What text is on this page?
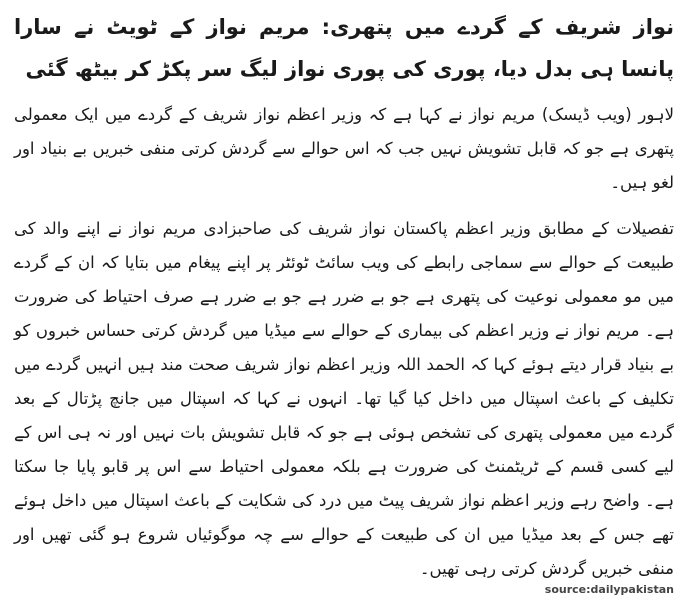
نواز شریف کے گردے میں پتھری: مریم نواز کے ٹویٹ نے سارا پانسا ہی بدل دیا، پوری کی پوری نواز لیگ سر پکڑ کر بیٹھ گئی

لاہور (ویب ڈیسک) مریم نواز نے کہا ہے کہ وزیر اعظم نواز شریف کے گردے میں ایک معمولی پتھری ہے جو کہ قابل تشویش نہیں جب کہ اس حوالے سے گردش کرتی منفی خبریں بے بنیاد اور لغو ہیں۔

تفصیلات کے مطابق وزیر اعظم پاکستان نواز شریف کی صاحبزادی مریم نواز نے اپنے والد کی طبیعت کے حوالے سے سماجی رابطے کی ویب سائٹ ٹوئٹر پر اپنے پیغام میں بتایا کہ ان کے گردے میں مو معمولی نوعیت کی پتھری ہے جو بے ضرر ہے جو بے ضرر ہے صرف احتیاط کی ضرورت ہے۔ مریم نواز نے وزیر اعظم کی بیماری کے حوالے سے میڈیا میں گردش کرتی حساس خبروں کو بے بنیاد قرار دیتے ہوئے کہا کہ الحمد اللہ وزیر اعظم نواز شریف صحت مند ہیں انہیں گردے میں تکلیف کے باعث اسپتال میں داخل کیا گیا تھا۔ انہوں نے کہا کہ اسپتال میں جانچ پڑتال کے بعد گردے میں معمولی پتھری کی تشخص ہوئی ہے جو کہ قابل تشویش بات نہیں اور نہ ہی اس کے لیے کسی قسم کے ٹریٹمنٹ کی ضرورت ہے بلکہ معمولی احتیاط سے اس پر قابو پایا جا سکتا ہے۔ واضح رہے وزیر اعظم نواز شریف پیٹ میں درد کی شکایت کے باعث اسپتال میں داخل ہوئے تھے جس کے بعد میڈیا میں ان کی طبیعت کے حوالے سے چہ موگوئیاں شروع ہو گئی تھیں اور منفی خبریں گردش کرتی رہی تھیں۔

source:dailypakistan
